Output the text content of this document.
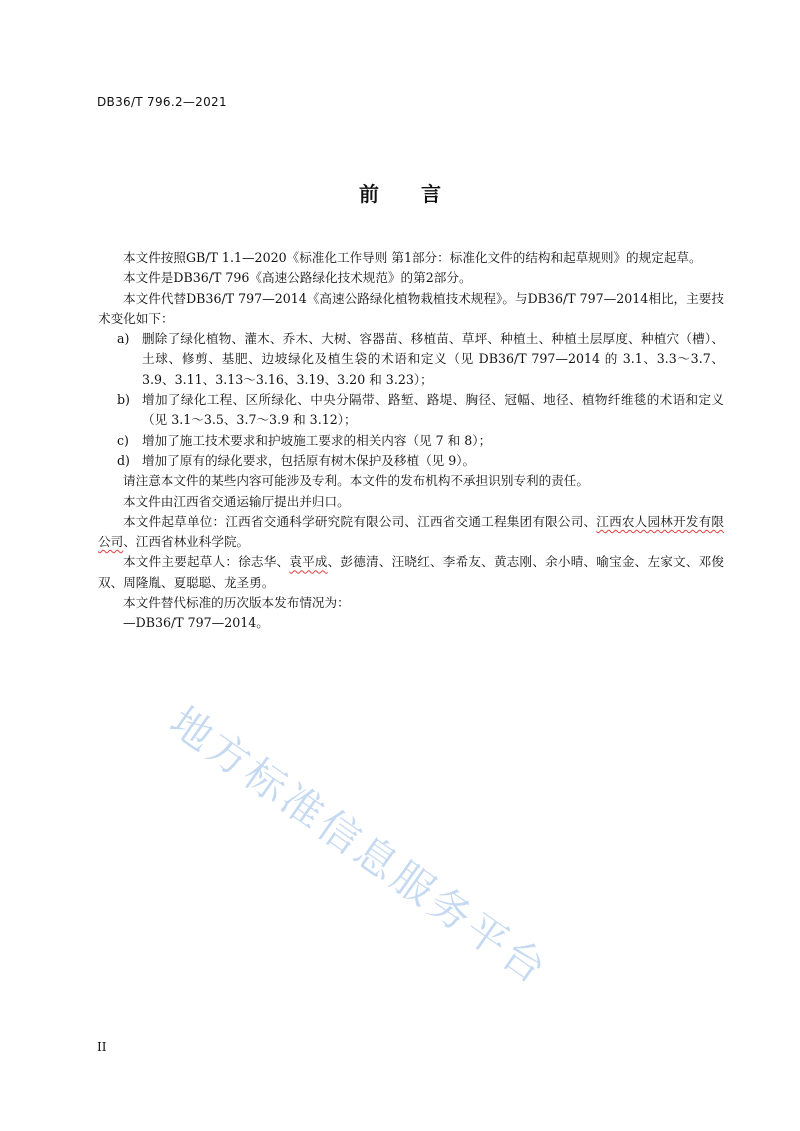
DB36/T 796.2—2021
前言

本文件按照GB/T 1.1—2020《标准化工作导则 第1部分：标准化文件的结构和起草规则》的规定起草。

本文件是DB36/T 796《高速公路绿化技术规范》的第2部分。

本文件代替DB36/T 797—2014《高速公路绿化植物栽植技术规程》。与DB36/T 797—2014相比，主要技术变化如下：

a) 删除了绿化植物、灌木、乔木、大树、容器苗、移植苗、草坪、种植土、种植土层厚度、种植穴（槽）、土球、修剪、基肥、边坡绿化及植生袋的术语和定义（见 DB36/T 797—2014 的 3.1、3.3～3.7、3.9、3.11、3.13～3.16、3.19、3.20 和 3.23）；

b) 增加了绿化工程、区所绿化、中央分隔带、路堑、路堤、胸径、冠幅、地径、植物纤维毯的术语和定义（见 3.1～3.5、3.7～3.9 和 3.12）；

c) 增加了施工技术要求和护坡施工要求的相关内容（见 7 和 8）；

d) 增加了原有的绿化要求，包括原有树木保护及移植（见 9）。

请注意本文件的某些内容可能涉及专利。本文件的发布机构不承担识别专利的责任。

本文件由江西省交通运输厅提出并归口。

本文件起草单位：江西省交通科学研究院有限公司、江西省交通工程集团有限公司、江西农人园林开发有限公司、江西省林业科学院。

本文件主要起草人：徐志华、袁平成、彭德清、汪晓红、李希友、黄志刚、余小晴、喻宝金、左家文、邓俊双、周隆胤、夏聪聪、龙圣勇。

本文件替代标准的历次版本发布情况为：

—DB36/T 797—2014。

地方标准信息服务平台
II
